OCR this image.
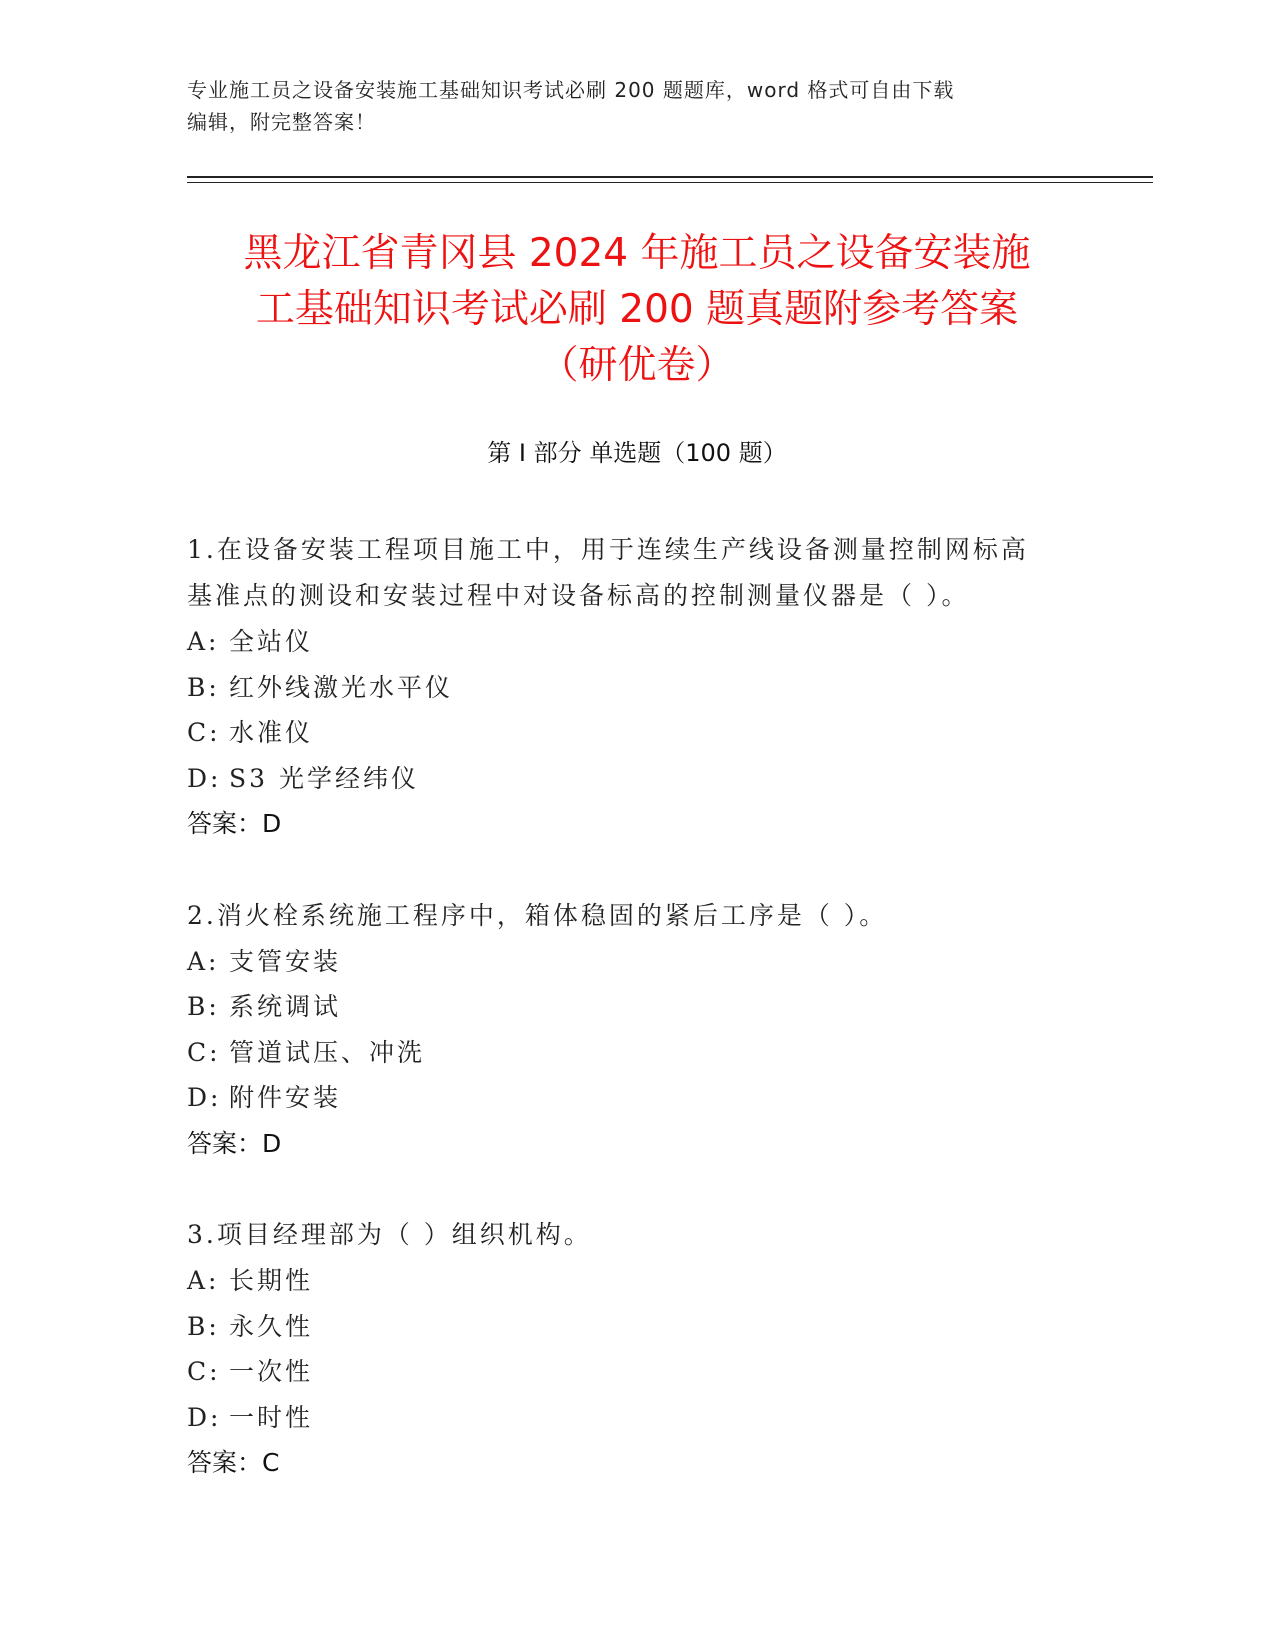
专业施工员之设备安装施工基础知识考试必刷 200 题题库，word 格式可自由下载
编辑，附完整答案！
黑龙江省青冈县 2024 年施工员之设备安装施
工基础知识考试必刷 200 题真题附参考答案
（研优卷）
第 I 部分 单选题（100 题）

1.在设备安装工程项目施工中，用于连续生产线设备测量控制网标高

基准点的测设和安装过程中对设备标高的控制测量仪器是（ ）。

A: 全站仪

B: 红外线激光水平仪

C: 水准仪

D: S3 光学经纬仪

答案：D

2.消火栓系统施工程序中，箱体稳固的紧后工序是（ ）。

A: 支管安装

B: 系统调试

C: 管道试压、冲洗

D: 附件安装

答案：D

3.项目经理部为（ ）组织机构。

A: 长期性

B: 永久性

C: 一次性

D: 一时性

答案：C
